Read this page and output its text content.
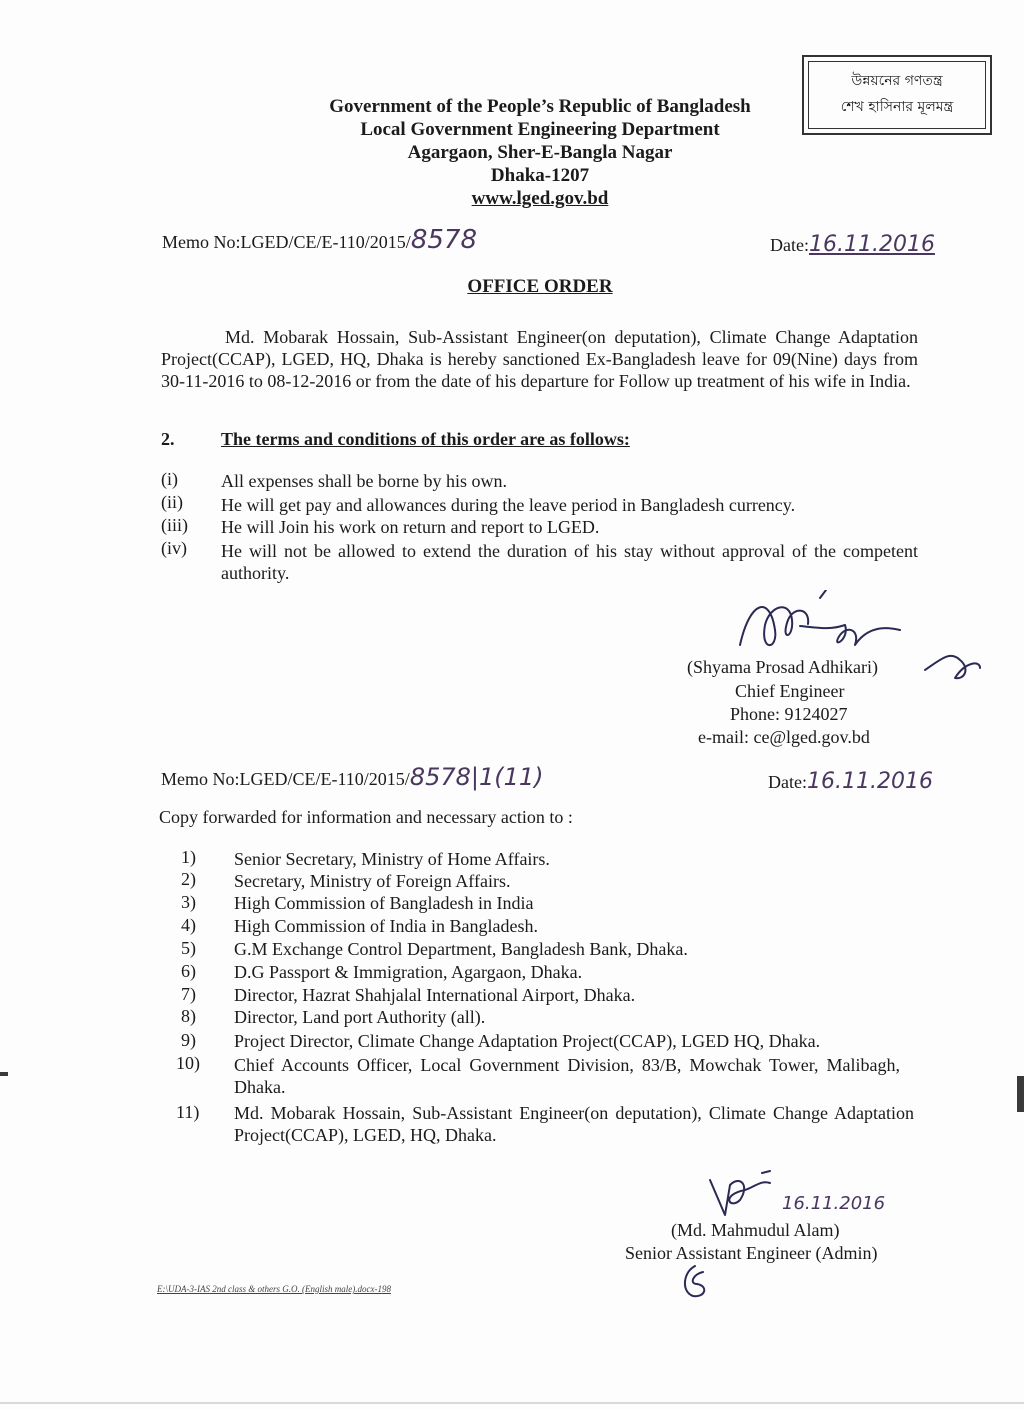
উন্নয়নের গণতন্ত্র
শেখ হাসিনার মূলমন্ত্র
Government of the People’s Republic of Bangladesh
Local Government Engineering Department
Agargaon, Sher-E-Bangla Nagar
Dhaka-1207
www.lged.gov.bd
Memo No:LGED/CE/E-110/2015/8578	Date:16.11.2016
OFFICE ORDER
Md. Mobarak Hossain, Sub-Assistant Engineer(on deputation), Climate Change Adaptation Project(CCAP), LGED, HQ, Dhaka is hereby sanctioned Ex-Bangladesh leave for 09(Nine) days from 30-11-2016 to 08-12-2016 or from the date of his departure for Follow up treatment of his wife in India.
2.	The terms and conditions of this order are as follows:
(i) All expenses shall be borne by his own.
(ii) He will get pay and allowances during the leave period in Bangladesh currency.
(iii) He will Join his work on return and report to LGED.
(iv) He will not be allowed to extend the duration of his stay without approval of the competent authority.
(Shyama Prosad Adhikari)
Chief Engineer
Phone: 9124027
e-mail: ce@lged.gov.bd
Memo No:LGED/CE/E-110/2015/8578|1(11)	Date:16.11.2016
Copy forwarded for information and necessary action to :
1) Senior Secretary, Ministry of Home Affairs.
2) Secretary, Ministry of Foreign Affairs.
3) High Commission of Bangladesh in India
4) High Commission of India in Bangladesh.
5) G.M Exchange Control Department, Bangladesh Bank, Dhaka.
6) D.G Passport & Immigration, Agargaon, Dhaka.
7) Director, Hazrat Shahjalal International Airport, Dhaka.
8) Director, Land port Authority (all).
9) Project Director, Climate Change Adaptation Project(CCAP), LGED HQ, Dhaka.
10) Chief Accounts Officer, Local Government Division, 83/B, Mowchak Tower, Malibagh, Dhaka.
11) Md. Mobarak Hossain, Sub-Assistant Engineer(on deputation), Climate Change Adaptation Project(CCAP), LGED, HQ, Dhaka.
16.11.2016
(Md. Mahmudul Alam)
Senior Assistant Engineer (Admin)
E:\UDA-3-IAS 2nd class & others G.O. (English male).docx-198
